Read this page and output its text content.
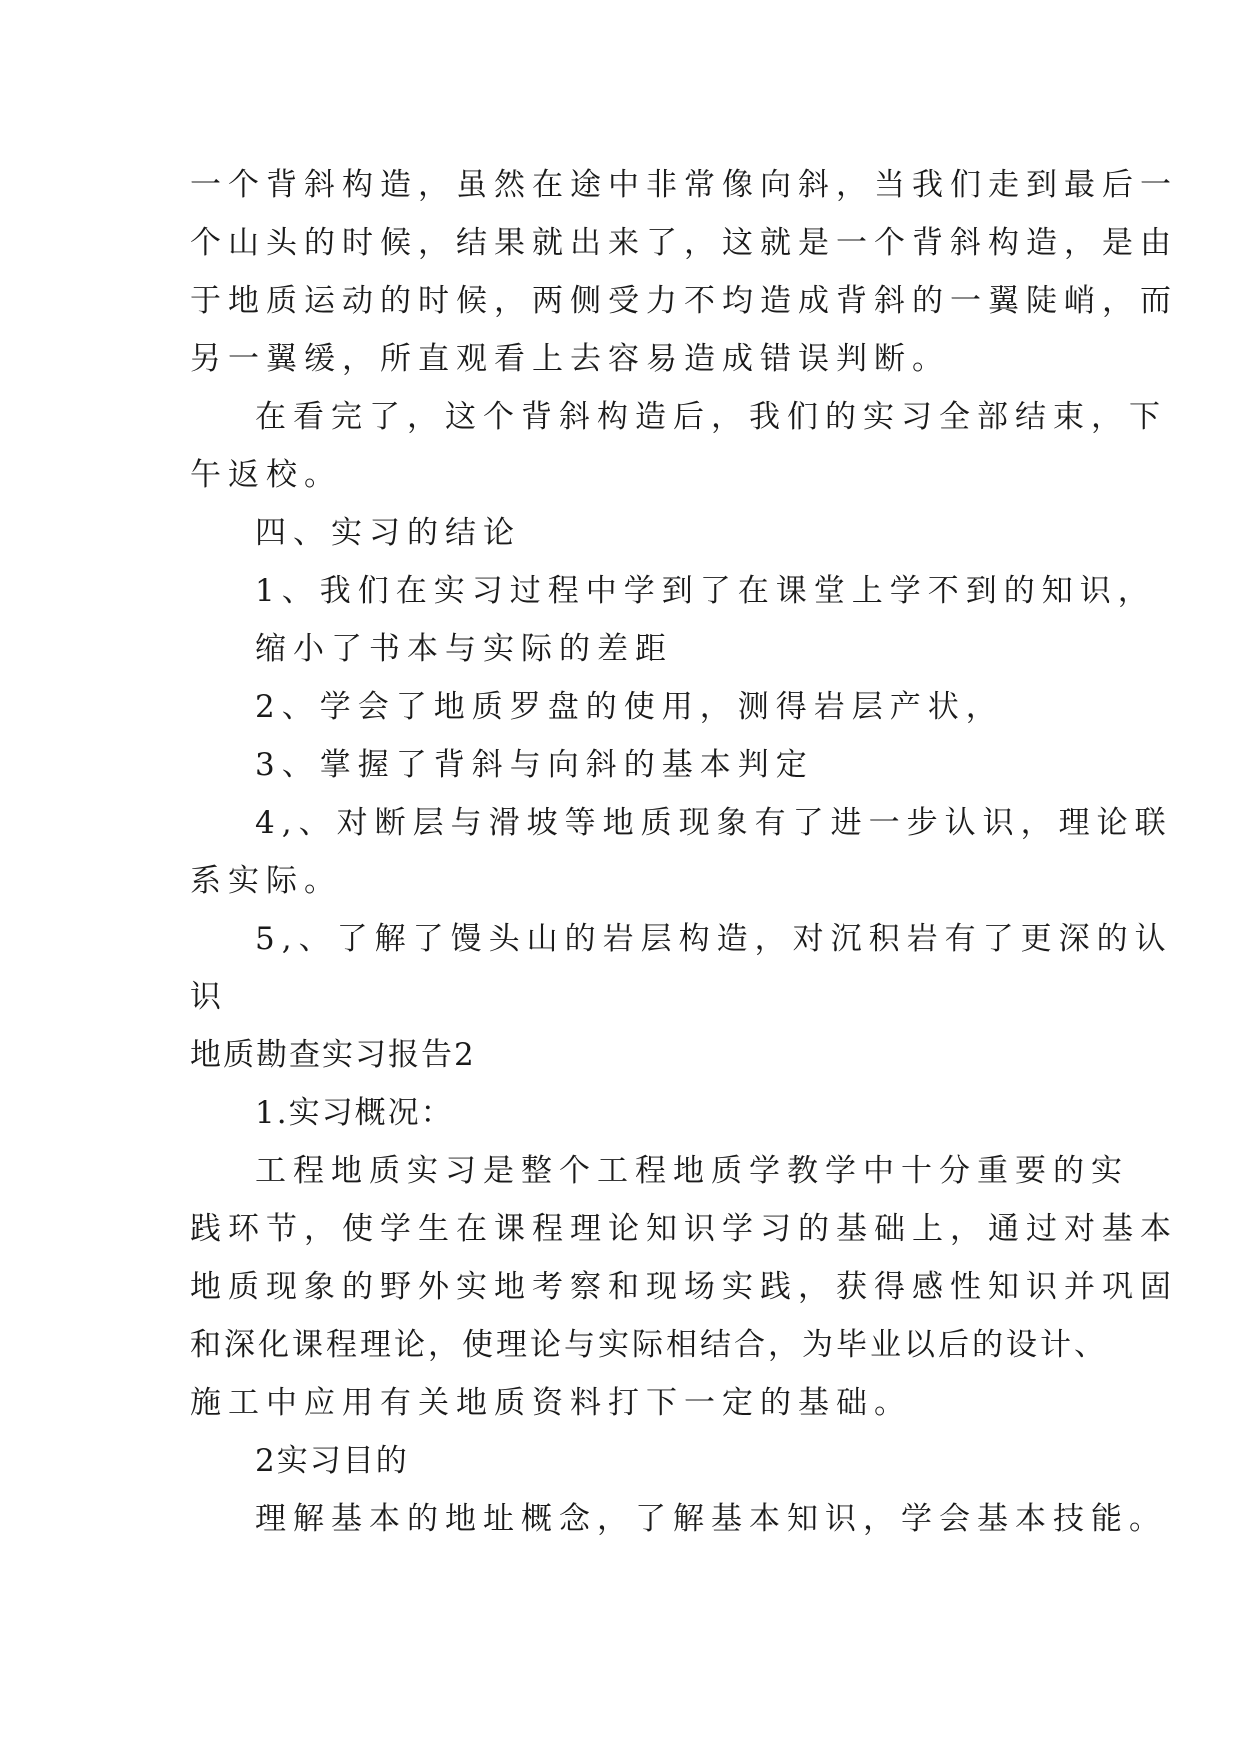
一个背斜构造，虽然在途中非常像向斜，当我们走到最后一
个山头的时候，结果就出来了，这就是一个背斜构造，是由
于地质运动的时候，两侧受力不均造成背斜的一翼陡峭，而
另一翼缓，所直观看上去容易造成错误判断。
在看完了，这个背斜构造后，我们的实习全部结束，下
午返校。
四、实习的结论
1、我们在实习过程中学到了在课堂上学不到的知识，
缩小了书本与实际的差距
2、学会了地质罗盘的使用，测得岩层产状，
3、掌握了背斜与向斜的基本判定
4,、对断层与滑坡等地质现象有了进一步认识，理论联
系实际。
5,、了解了馒头山的岩层构造，对沉积岩有了更深的认
识
地质勘查实习报告2
1.实习概况：
工程地质实习是整个工程地质学教学中十分重要的实
践环节，使学生在课程理论知识学习的基础上，通过对基本
地质现象的野外实地考察和现场实践，获得感性知识并巩固
和深化课程理论，使理论与实际相结合，为毕业以后的设计、
施工中应用有关地质资料打下一定的基础。
2实习目的
理解基本的地址概念，了解基本知识，学会基本技能。
